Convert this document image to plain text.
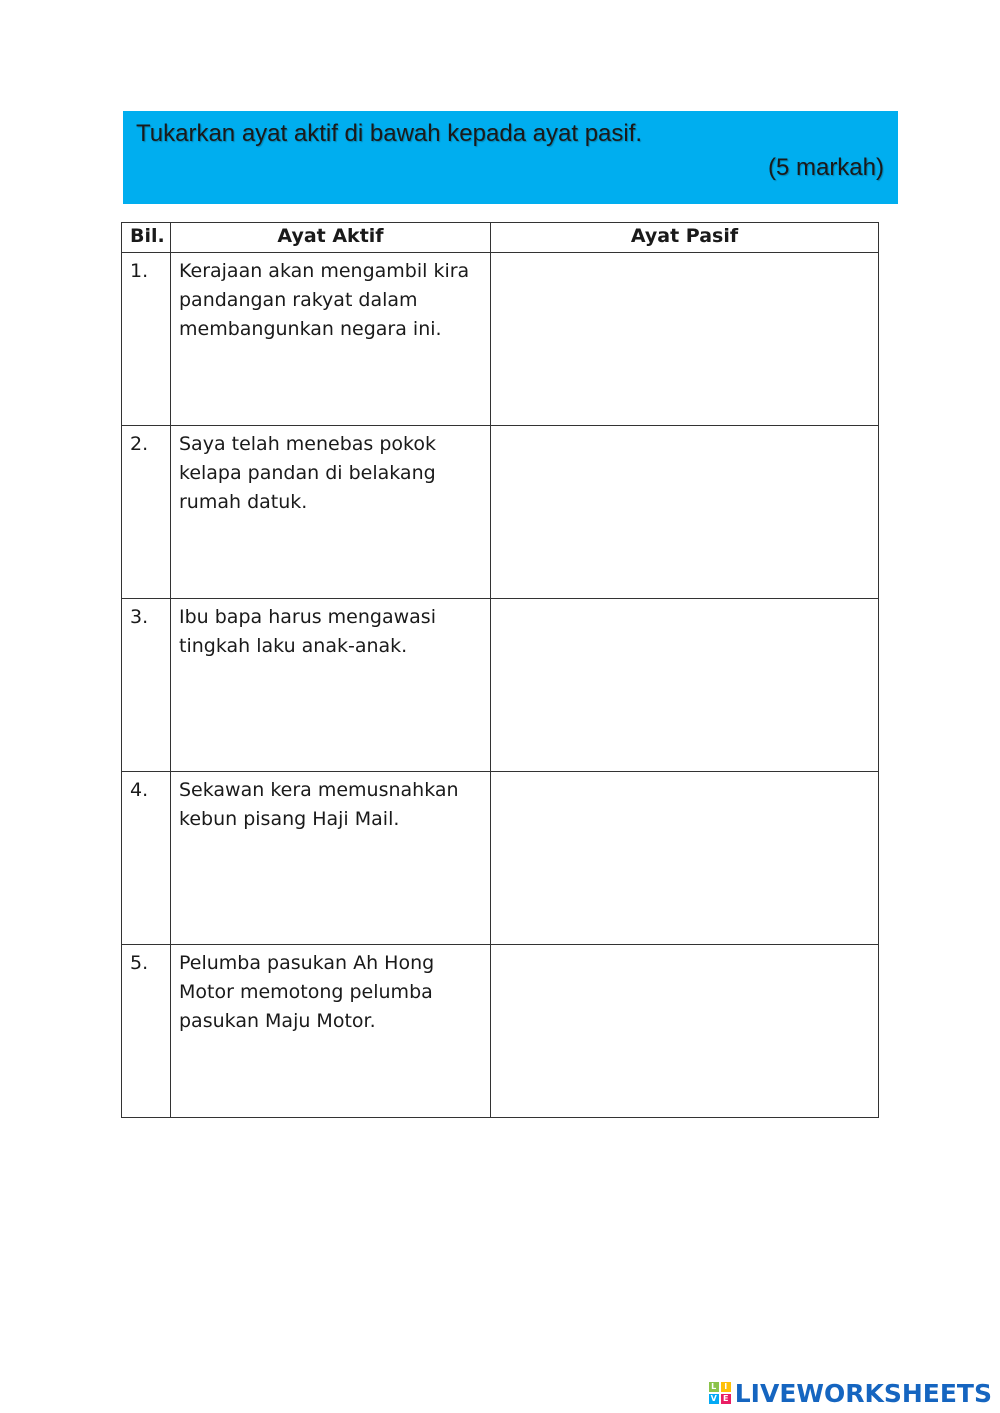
Tukarkan ayat aktif di bawah kepada ayat pasif.
(5 markah)
Bil.	Ayat Aktif	Ayat Pasif
1.	Kerajaan akan mengambil kira pandangan rakyat dalam membangunkan negara ini.	
2.	Saya telah menebas pokok kelapa pandan di belakang rumah datuk.	
3.	Ibu bapa harus mengawasi tingkah laku anak-anak.	
4.	Sekawan kera memusnahkan kebun pisang Haji Mail.	
5.	Pelumba pasukan Ah Hong Motor memotong pelumba pasukan Maju Motor.	
L I
V E LIVEWORKSHEETS
